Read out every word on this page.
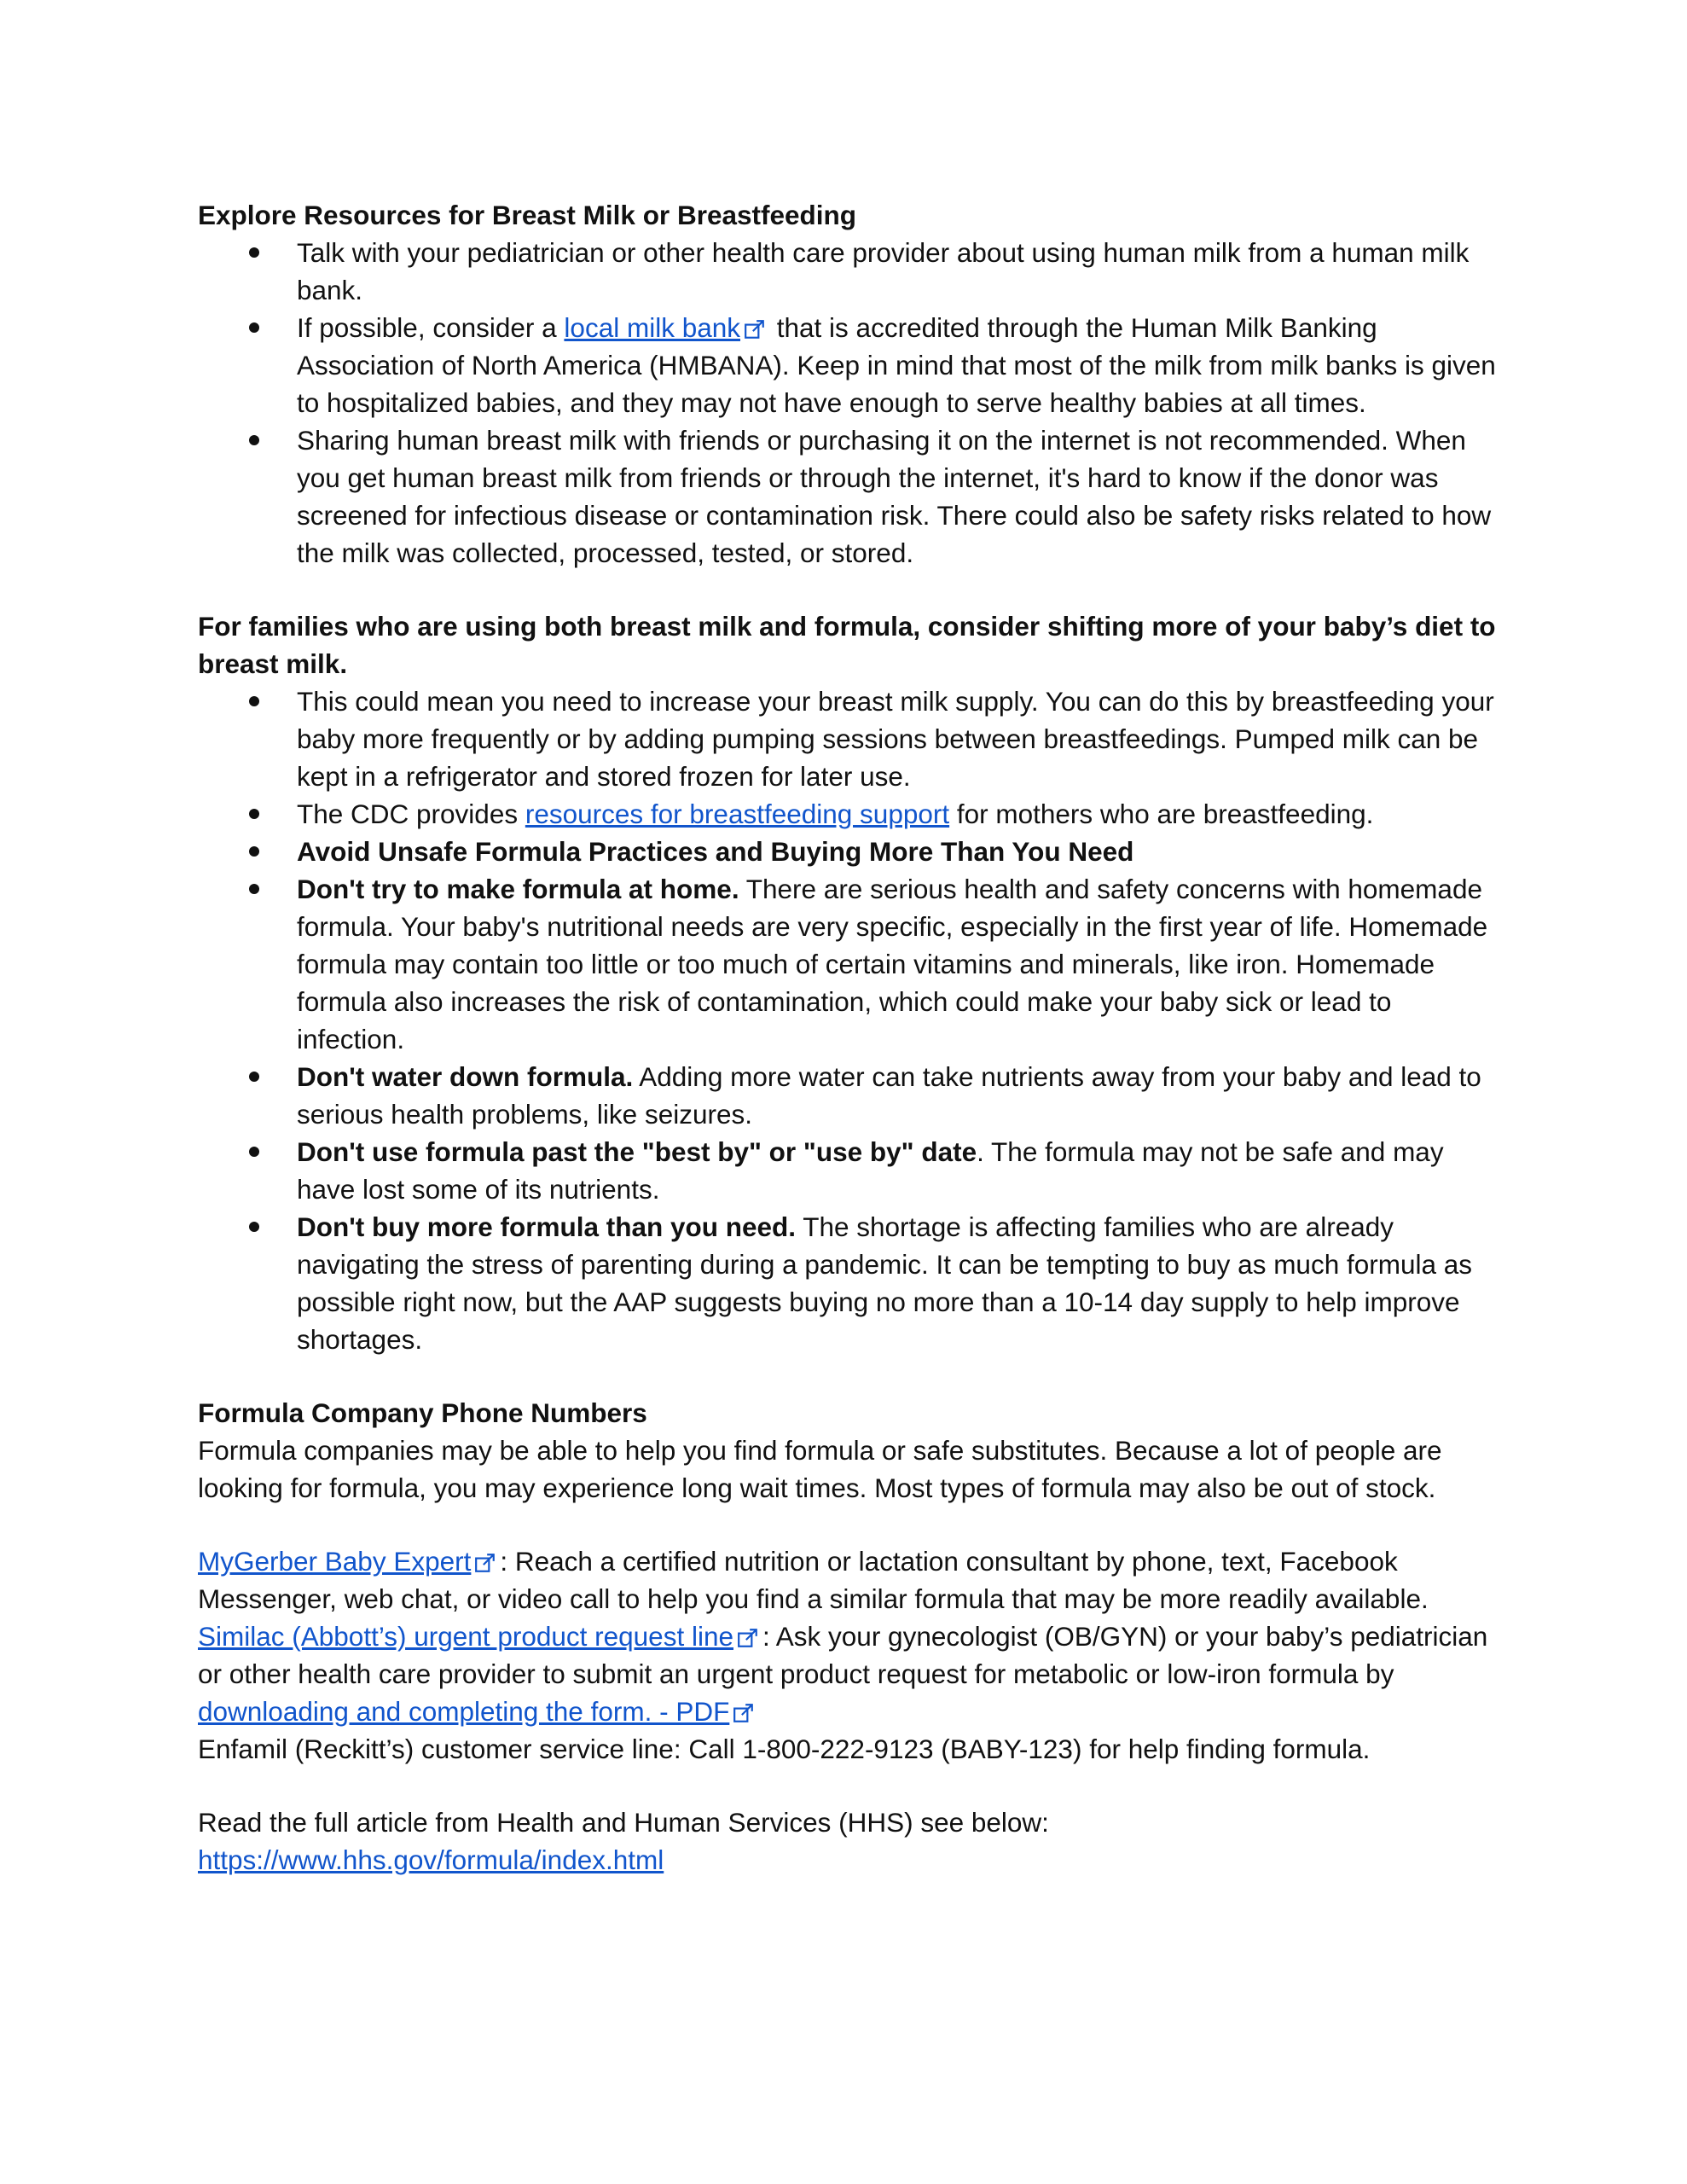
Explore Resources for Breast Milk or Breastfeeding

Talk with your pediatrician or other health care provider about using human milk from a human milk bank.
If possible, consider a local milk bank that is accredited through the Human Milk Banking Association of North America (HMBANA). Keep in mind that most of the milk from milk banks is given to hospitalized babies, and they may not have enough to serve healthy babies at all times.
Sharing human breast milk with friends or purchasing it on the internet is not recommended. When you get human breast milk from friends or through the internet, it's hard to know if the donor was screened for infectious disease or contamination risk. There could also be safety risks related to how the milk was collected, processed, tested, or stored.

For families who are using both breast milk and formula, consider shifting more of your baby’s diet to breast milk.

This could mean you need to increase your breast milk supply. You can do this by breastfeeding your baby more frequently or by adding pumping sessions between breastfeedings. Pumped milk can be kept in a refrigerator and stored frozen for later use.
The CDC provides resources for breastfeeding support for mothers who are breastfeeding.
Avoid Unsafe Formula Practices and Buying More Than You Need
Don't try to make formula at home. There are serious health and safety concerns with homemade formula. Your baby's nutritional needs are very specific, especially in the first year of life. Homemade formula may contain too little or too much of certain vitamins and minerals, like iron. Homemade formula also increases the risk of contamination, which could make your baby sick or lead to infection.
Don't water down formula. Adding more water can take nutrients away from your baby and lead to serious health problems, like seizures.
Don't use formula past the "best by" or "use by" date. The formula may not be safe and may have lost some of its nutrients.
Don't buy more formula than you need. The shortage is affecting families who are already navigating the stress of parenting during a pandemic. It can be tempting to buy as much formula as possible right now, but the AAP suggests buying no more than a 10-14 day supply to help improve shortages.

Formula Company Phone Numbers

Formula companies may be able to help you find formula or safe substitutes. Because a lot of people are looking for formula, you may experience long wait times. Most types of formula may also be out of stock.

MyGerber Baby Expert : Reach a certified nutrition or lactation consultant by phone, text, Facebook Messenger, web chat, or video call to help you find a similar formula that may be more readily available.

Similac (Abbott’s) urgent product request line : Ask your gynecologist (OB/GYN) or your baby’s pediatrician or other health care provider to submit an urgent product request for metabolic or low-iron formula by downloading and completing the form. - PDF

Enfamil (Reckitt’s) customer service line: Call 1-800-222-9123 (BABY-123) for help finding formula.

Read the full article from Health and Human Services (HHS) see below:

https://www.hhs.gov/formula/index.html
